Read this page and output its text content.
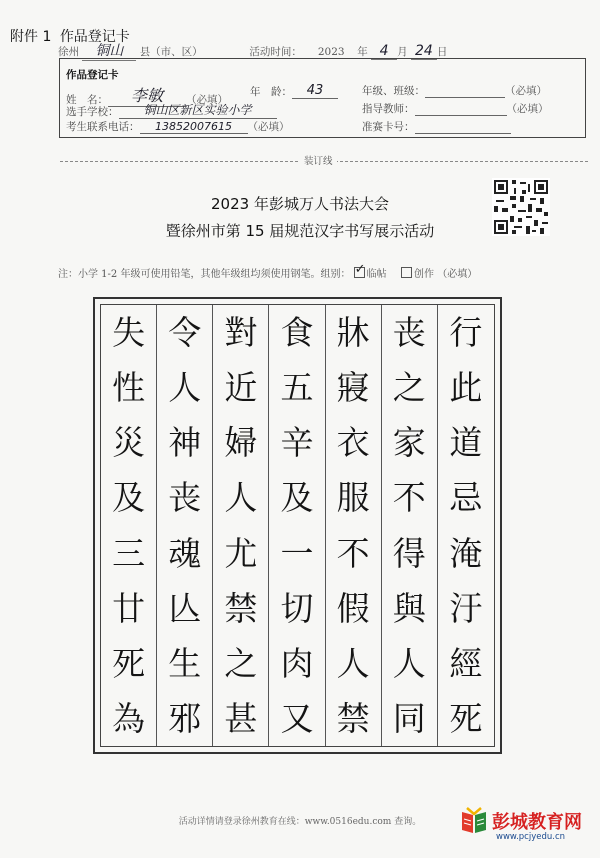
附件 1 作品登记卡
徐州 铜山 县（市、区）	活动时间： 2023 年 4 月 24 日
作品登记卡
姓　名： 李敏 （必填）
年　龄： 43	年级、班级：	（必填）
选手学校： 铜山区新区实验小学	指导教师：	（必填）
考生联系电话： 13852007615 （必填）	准赛卡号：
装订线
2023 年彭城万人书法大会
暨徐州市第 15 届规范汉字书写展示活动
注：小学 1-2 年级可使用铅笔，其他年级组均须使用钢笔。组别： ✓ 临帖	创作 （必填）
失 令 對 食 牀 丧 行
性 人 近 五 寢 之 此
災 神 婦 辛 衣 家 道
及 丧 人 及 服 不 忌
三 魂 尤 一 不 得 淹
廿 亾 禁 切 假 與 汙
死 生 之 肉 人 人 經
為 邪 甚 又 禁 同 死
活动详情请登录徐州教育在线：www.0516edu.com 查询。	彭城教育网
www.pcjyedu.cn
